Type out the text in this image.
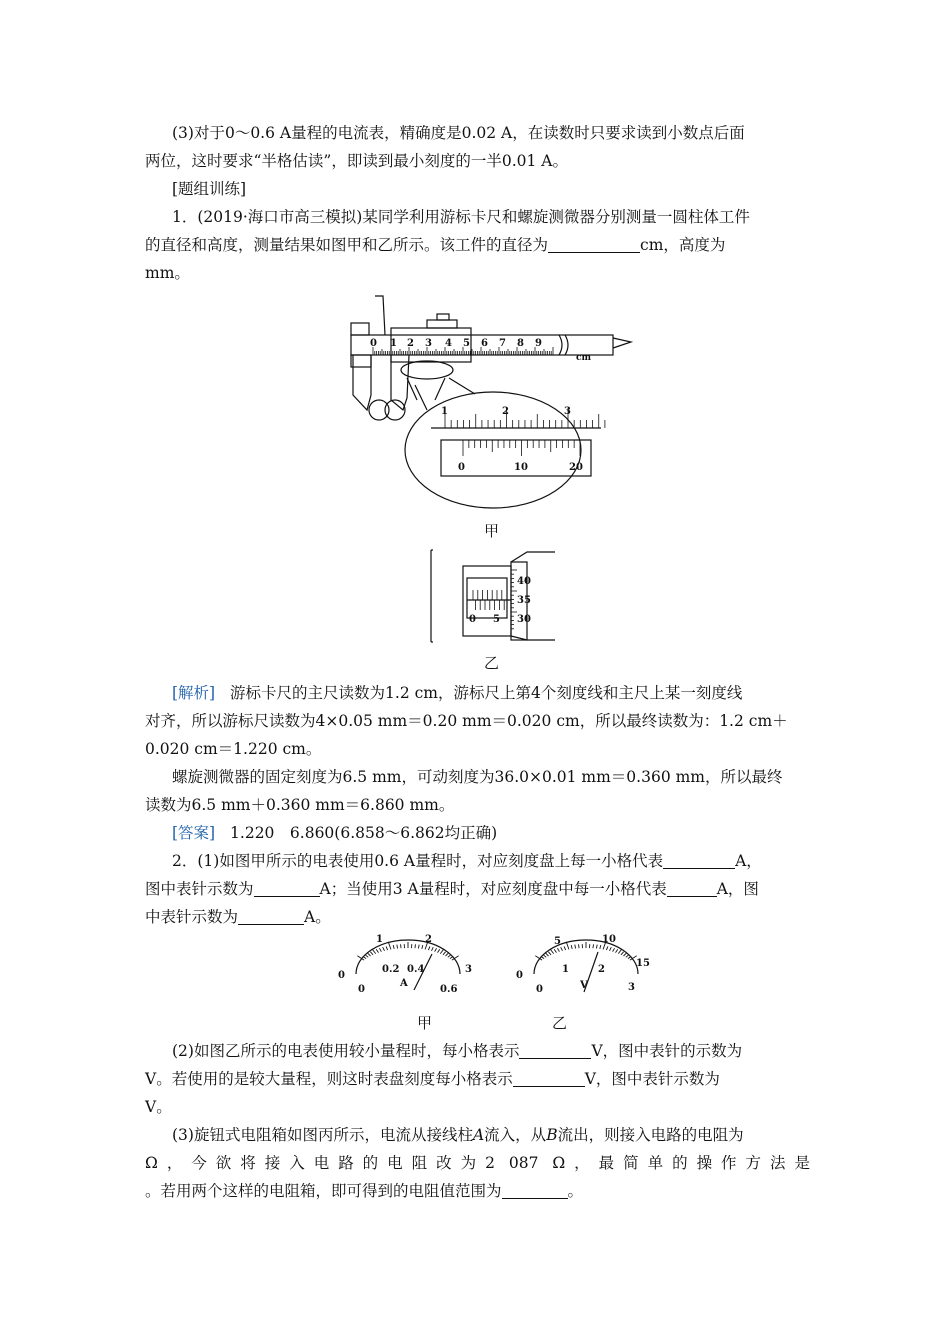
(3)对于0～0.6 A量程的电流表，精确度是0.02 A，在读数时只要求读到小数点后面
两位，这时要求“半格估读”，即读到最小刻度的一半0.01 A。
[题组训练]
1．(2019·海口市高三模拟)某同学利用游标卡尺和螺旋测微器分别测量一圆柱体工件
的直径和高度，测量结果如图甲和乙所示。该工件的直径为	cm，高度为
mm。
0 1 2 3 4 5 6 7 8 9
cm
1	2	3
0	10	20
甲
0 5
40
35
30
乙
[解析] 游标卡尺的主尺读数为1.2 cm，游标尺上第4个刻度线和主尺上某一刻度线
对齐，所以游标尺读数为4×0.05 mm＝0.20 mm＝0.020 cm，所以最终读数为：1.2 cm＋
0.020 cm＝1.220 cm。
螺旋测微器的固定刻度为6.5 mm，可动刻度为36.0×0.01 mm＝0.360 mm，所以最终
读数为6.5 mm＋0.360 mm＝6.860 mm。
[答案] 1.220　6.860(6.858～6.862均正确)
2．(1)如图甲所示的电表使用0.6 A量程时，对应刻度盘上每一小格代表	A，
图中表针示数为	A；当使用3 A量程时，对应刻度盘中每一小格代表	A，图
中表针示数为	A。
0
1	2
3
0
0.2 0.4
0.6
A
甲
0
5	10
15
0
1	2
3
V
乙
(2)如图乙所示的电表使用较小量程时，每小格表示	V，图中表针的示数为
V。若使用的是较大量程，则这时表盘刻度每小格表示	V，图中表针示数为
V。
(3)旋钮式电阻箱如图丙所示，电流从接线柱A流入，从B流出，则接入电路的电阻为
Ω，今欲将接入电路的电阻改为2 087 Ω，最简单的操作方法是
。若用两个这样的电阻箱，即可得到的电阻值范围为	。
